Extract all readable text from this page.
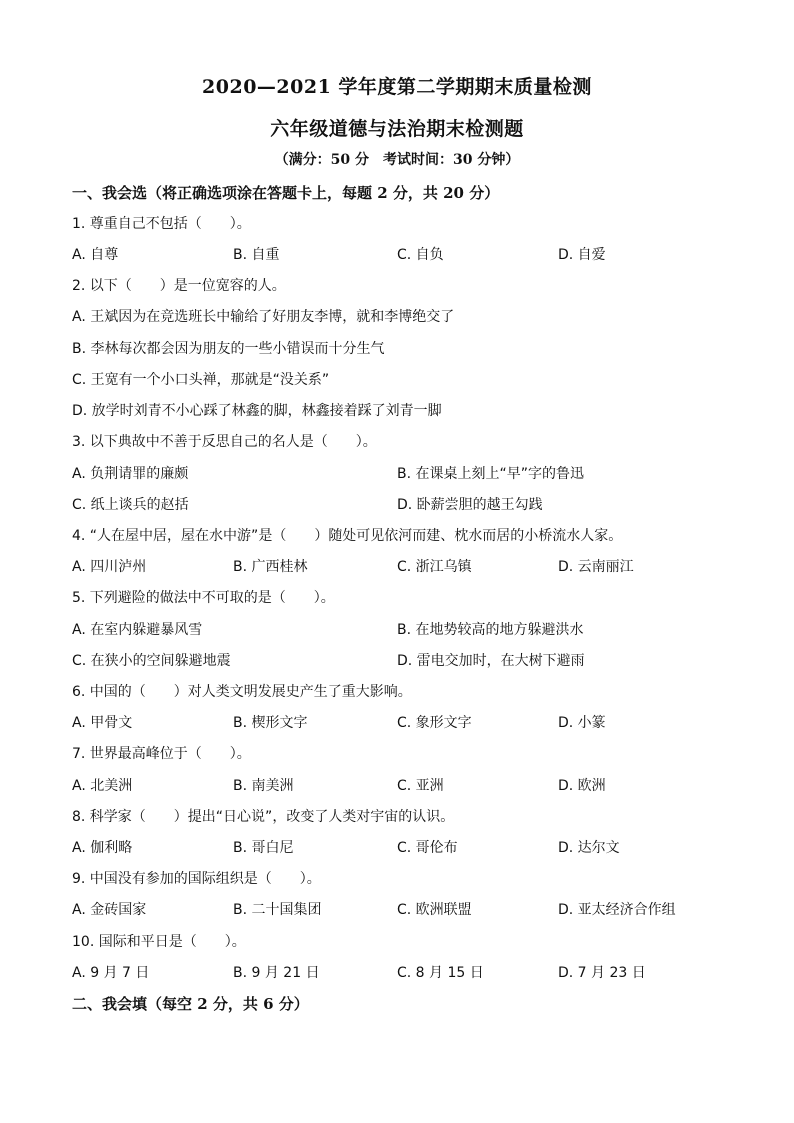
2020—2021 学年度第二学期期末质量检测
六年级道德与法治期末检测题
（满分：50 分　考试时间：30 分钟）
一、我会选（将正确选项涂在答题卡上，每题 2 分，共 20 分）
1. 尊重自己不包括（　　）。
A. 自尊	B. 自重	C. 自负	D. 自爱
2. 以下（　　）是一位宽容的人。
A. 王斌因为在竞选班长中输给了好朋友李博，就和李博绝交了
B. 李林每次都会因为朋友的一些小错误而十分生气
C. 王宽有一个小口头禅，那就是“没关系”
D. 放学时刘青不小心踩了林鑫的脚，林鑫接着踩了刘青一脚
3. 以下典故中不善于反思自己的名人是（　　）。
A. 负荆请罪的廉颇	B. 在课桌上刻上“早”字的鲁迅
C. 纸上谈兵的赵括	D. 卧薪尝胆的越王勾践
4. “人在屋中居，屋在水中游”是（　　）随处可见依河而建、枕水而居的小桥流水人家。
A. 四川泸州	B. 广西桂林	C. 浙江乌镇	D. 云南丽江
5. 下列避险的做法中不可取的是（　　）。
A. 在室内躲避暴风雪	B. 在地势较高的地方躲避洪水
C. 在狭小的空间躲避地震	D. 雷电交加时，在大树下避雨
6. 中国的（　　）对人类文明发展史产生了重大影响。
A. 甲骨文	B. 楔形文字	C. 象形文字	D. 小篆
7. 世界最高峰位于（　　）。
A. 北美洲	B. 南美洲	C. 亚洲	D. 欧洲
8. 科学家（　　）提出“日心说”，改变了人类对宇宙的认识。
A. 伽利略	B. 哥白尼	C. 哥伦布	D. 达尔文
9. 中国没有参加的国际组织是（　　）。
A. 金砖国家	B. 二十国集团	C. 欧洲联盟	D. 亚太经济合作组
10. 国际和平日是（　　）。
A. 9 月 7 日	B. 9 月 21 日	C. 8 月 15 日	D. 7 月 23 日
二、我会填（每空 2 分，共 6 分）
